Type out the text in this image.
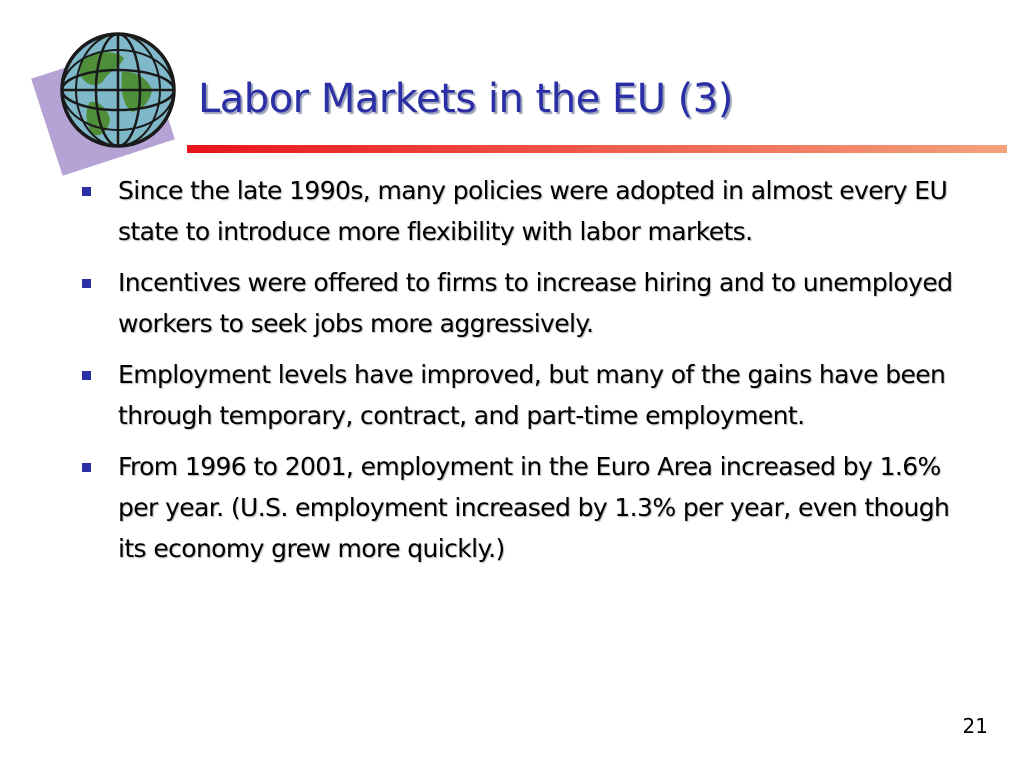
Labor Markets in the EU (3)
Since the late 1990s, many policies were adopted in almost every EU state to introduce more flexibility with labor markets.
Incentives were offered to firms to increase hiring and to unemployed workers to seek jobs more aggressively.
Employment levels have improved, but many of the gains have been through temporary, contract, and part-time employment.
From 1996 to 2001, employment in the Euro Area increased by 1.6% per year. (U.S. employment increased by 1.3% per year, even though its economy grew more quickly.)
21
